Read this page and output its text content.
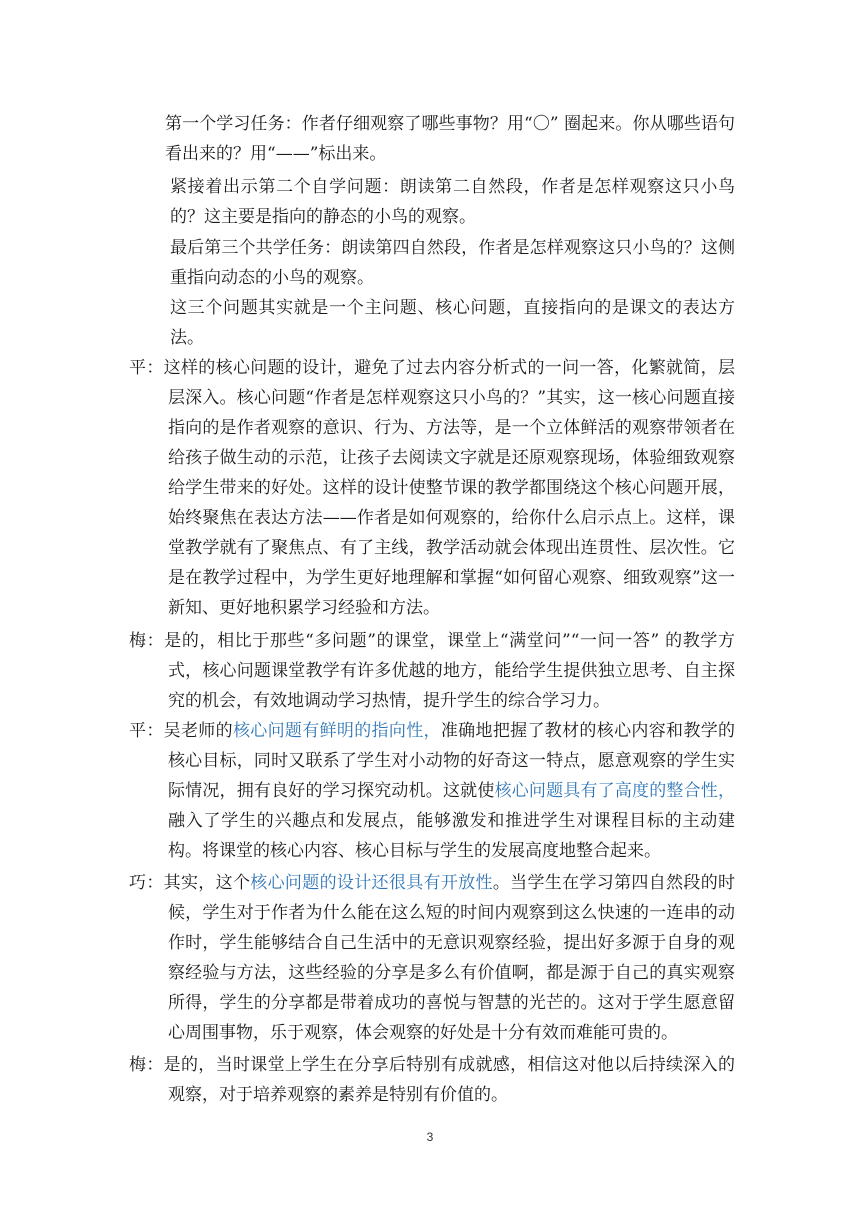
第一个学习任务：作者仔细观察了哪些事物？用“〇” 圈起来。你从哪些语句看出来的？用“——”标出来。

紧接着出示第二个自学问题：朗读第二自然段，作者是怎样观察这只小鸟的？这主要是指向的静态的小鸟的观察。

最后第三个共学任务：朗读第四自然段，作者是怎样观察这只小鸟的？这侧重指向动态的小鸟的观察。

这三个问题其实就是一个主问题、核心问题，直接指向的是课文的表达方法。

平：这样的核心问题的设计，避免了过去内容分析式的一问一答，化繁就简，层层深入。核心问题“作者是怎样观察这只小鸟的？”其实，这一核心问题直接指向的是作者观察的意识、行为、方法等，是一个立体鲜活的观察带领者在给孩子做生动的示范，让孩子去阅读文字就是还原观察现场，体验细致观察给学生带来的好处。这样的设计使整节课的教学都围绕这个核心问题开展，始终聚焦在表达方法——作者是如何观察的，给你什么启示点上。这样，课堂教学就有了聚焦点、有了主线，教学活动就会体现出连贯性、层次性。它是在教学过程中，为学生更好地理解和掌握“如何留心观察、细致观察”这一新知、更好地积累学习经验和方法。

梅：是的，相比于那些“多问题”的课堂，课堂上“满堂问”“一问一答” 的教学方式，核心问题课堂教学有许多优越的地方，能给学生提供独立思考、自主探究的机会，有效地调动学习热情，提升学生的综合学习力。

平：吴老师的核心问题有鲜明的指向性，准确地把握了教材的核心内容和教学的核心目标，同时又联系了学生对小动物的好奇这一特点，愿意观察的学生实际情况，拥有良好的学习探究动机。这就使核心问题具有了高度的整合性，融入了学生的兴趣点和发展点，能够激发和推进学生对课程目标的主动建构。将课堂的核心内容、核心目标与学生的发展高度地整合起来。

巧：其实，这个核心问题的设计还很具有开放性。当学生在学习第四自然段的时候，学生对于作者为什么能在这么短的时间内观察到这么快速的一连串的动作时，学生能够结合自己生活中的无意识观察经验，提出好多源于自身的观察经验与方法，这些经验的分享是多么有价值啊，都是源于自己的真实观察所得，学生的分享都是带着成功的喜悦与智慧的光芒的。这对于学生愿意留心周围事物，乐于观察，体会观察的好处是十分有效而难能可贵的。

梅：是的，当时课堂上学生在分享后特别有成就感，相信这对他以后持续深入的观察，对于培养观察的素养是特别有价值的。

3
